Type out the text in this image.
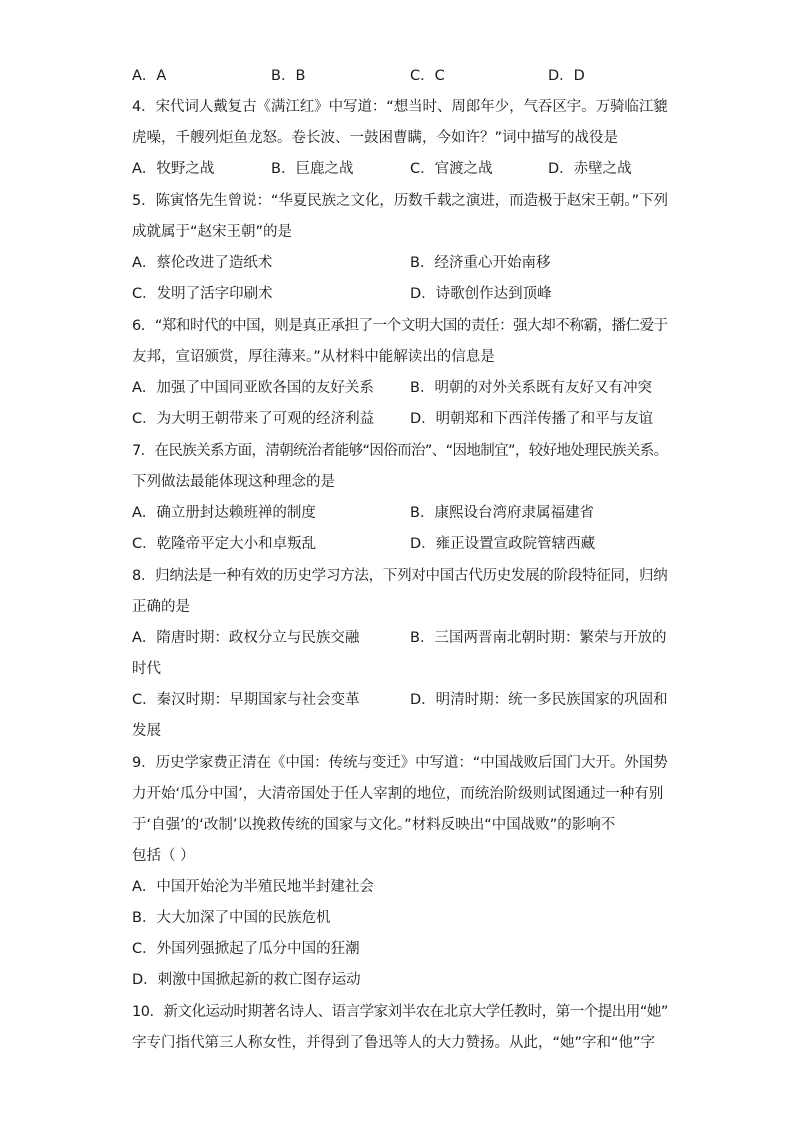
A．A	B．B	C．C	D．D
4．宋代词人戴复古《满江红》中写道：“想当时、周郎年少，气吞区宇。万骑临江貔
虎噪，千艘列炬鱼龙怒。卷长波、一鼓困曹瞒，今如许？”词中描写的战役是
A．牧野之战	B．巨鹿之战	C．官渡之战	D．赤壁之战
5．陈寅恪先生曾说：“华夏民族之文化，历数千载之演进，而造极于赵宋王朝。”下列
成就属于“赵宋王朝”的是
A．蔡伦改进了造纸术	B．经济重心开始南移
C．发明了活字印刷术	D．诗歌创作达到顶峰
6．“郑和时代的中国，则是真正承担了一个文明大国的责任：强大却不称霸，播仁爱于
友邦，宣诏颁赏，厚往薄来。”从材料中能解读出的信息是
A．加强了中国同亚欧各国的友好关系 B．明朝的对外关系既有友好又有冲突
C．为大明王朝带来了可观的经济利益 D．明朝郑和下西洋传播了和平与友谊
7．在民族关系方面，清朝统治者能够“因俗而治”、“因地制宜”，较好地处理民族关系。
下列做法最能体现这种理念的是
A．确立册封达赖班禅的制度	B．康熙设台湾府隶属福建省
C．乾隆帝平定大小和卓叛乱	D．雍正设置宣政院管辖西藏
8．归纳法是一种有效的历史学习方法，下列对中国古代历史发展的阶段特征同，归纳
正确的是
A．隋唐时期：政权分立与民族交融	B．三国两晋南北朝时期：繁荣与开放的
时代
C．秦汉时期：早期国家与社会变革	D．明清时期：统一多民族国家的巩固和
发展
9．历史学家费正清在《中国：传统与变迁》中写道：“中国战败后国门大开。外国势
力开始‘瓜分中国’，大清帝国处于任人宰割的地位，而统治阶级则试图通过一种有别
于‘自强’的‘改制’以挽救传统的国家与文化。”材料反映出“中国战败”的影响不
包括（ ）
A．中国开始沦为半殖民地半封建社会
B．大大加深了中国的民族危机
C．外国列强掀起了瓜分中国的狂潮
D．刺激中国掀起新的救亡图存运动
10．新文化运动时期著名诗人、语言学家刘半农在北京大学任教时，第一个提出用“她”
字专门指代第三人称女性，并得到了鲁迅等人的大力赞扬。从此，“她”字和“他”字
